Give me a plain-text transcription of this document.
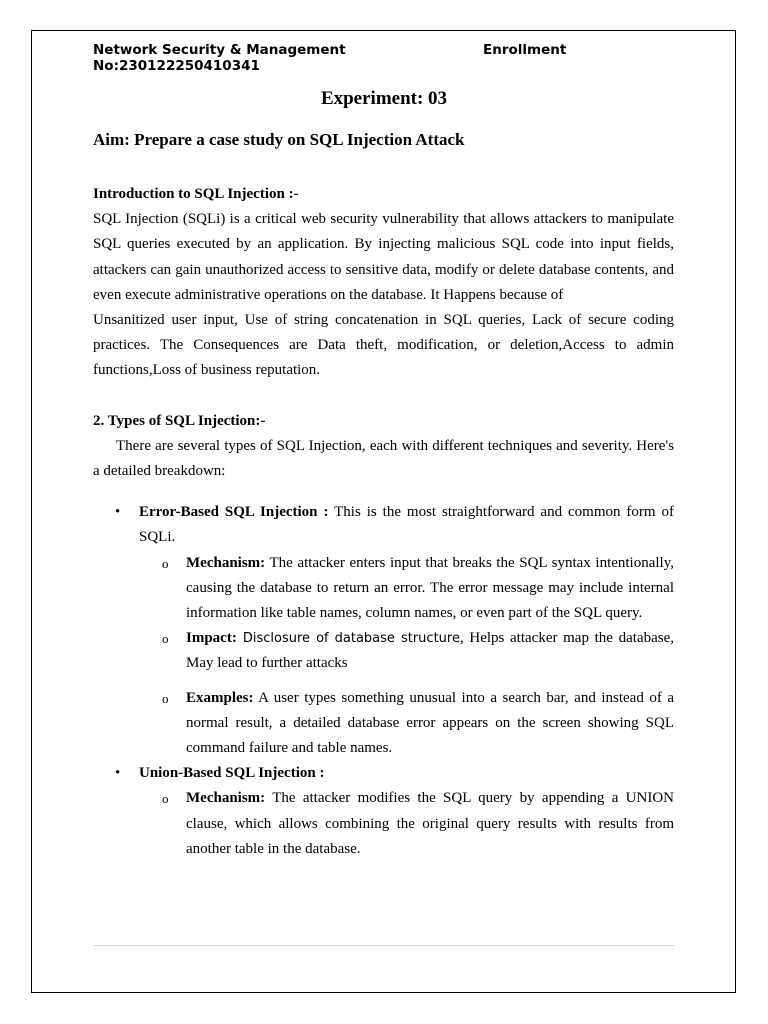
Network Security & Management	Enrollment
No:230122250410341
Experiment: 03
Aim: Prepare a case study on SQL Injection Attack

Introduction to SQL Injection :-

SQL Injection (SQLi) is a critical web security vulnerability that allows attackers to manipulate SQL queries executed by an application. By injecting malicious SQL code into input fields, attackers can gain unauthorized access to sensitive data, modify or delete database contents, and even execute administrative operations on the database. It Happens because of

Unsanitized user input, Use of string concatenation in SQL queries, Lack of secure coding practices. The Consequences are Data theft, modification, or deletion,Access to admin functions,Loss of business reputation.

2. Types of SQL Injection:-

There are several types of SQL Injection, each with different techniques and severity. Here's a detailed breakdown:

• Error-Based SQL Injection : This is the most straightforward and common form of SQLi.
o Mechanism: The attacker enters input that breaks the SQL syntax intentionally, causing the database to return an error. The error message may include internal information like table names, column names, or even part of the SQL query.
o Impact: Disclosure of database structure, Helps attacker map the database, May lead to further attacks
o Examples: A user types something unusual into a search bar, and instead of a normal result, a detailed database error appears on the screen showing SQL command failure and table names.
• Union-Based SQL Injection :
o Mechanism: The attacker modifies the SQL query by appending a UNION clause, which allows combining the original query results with results from another table in the database.
